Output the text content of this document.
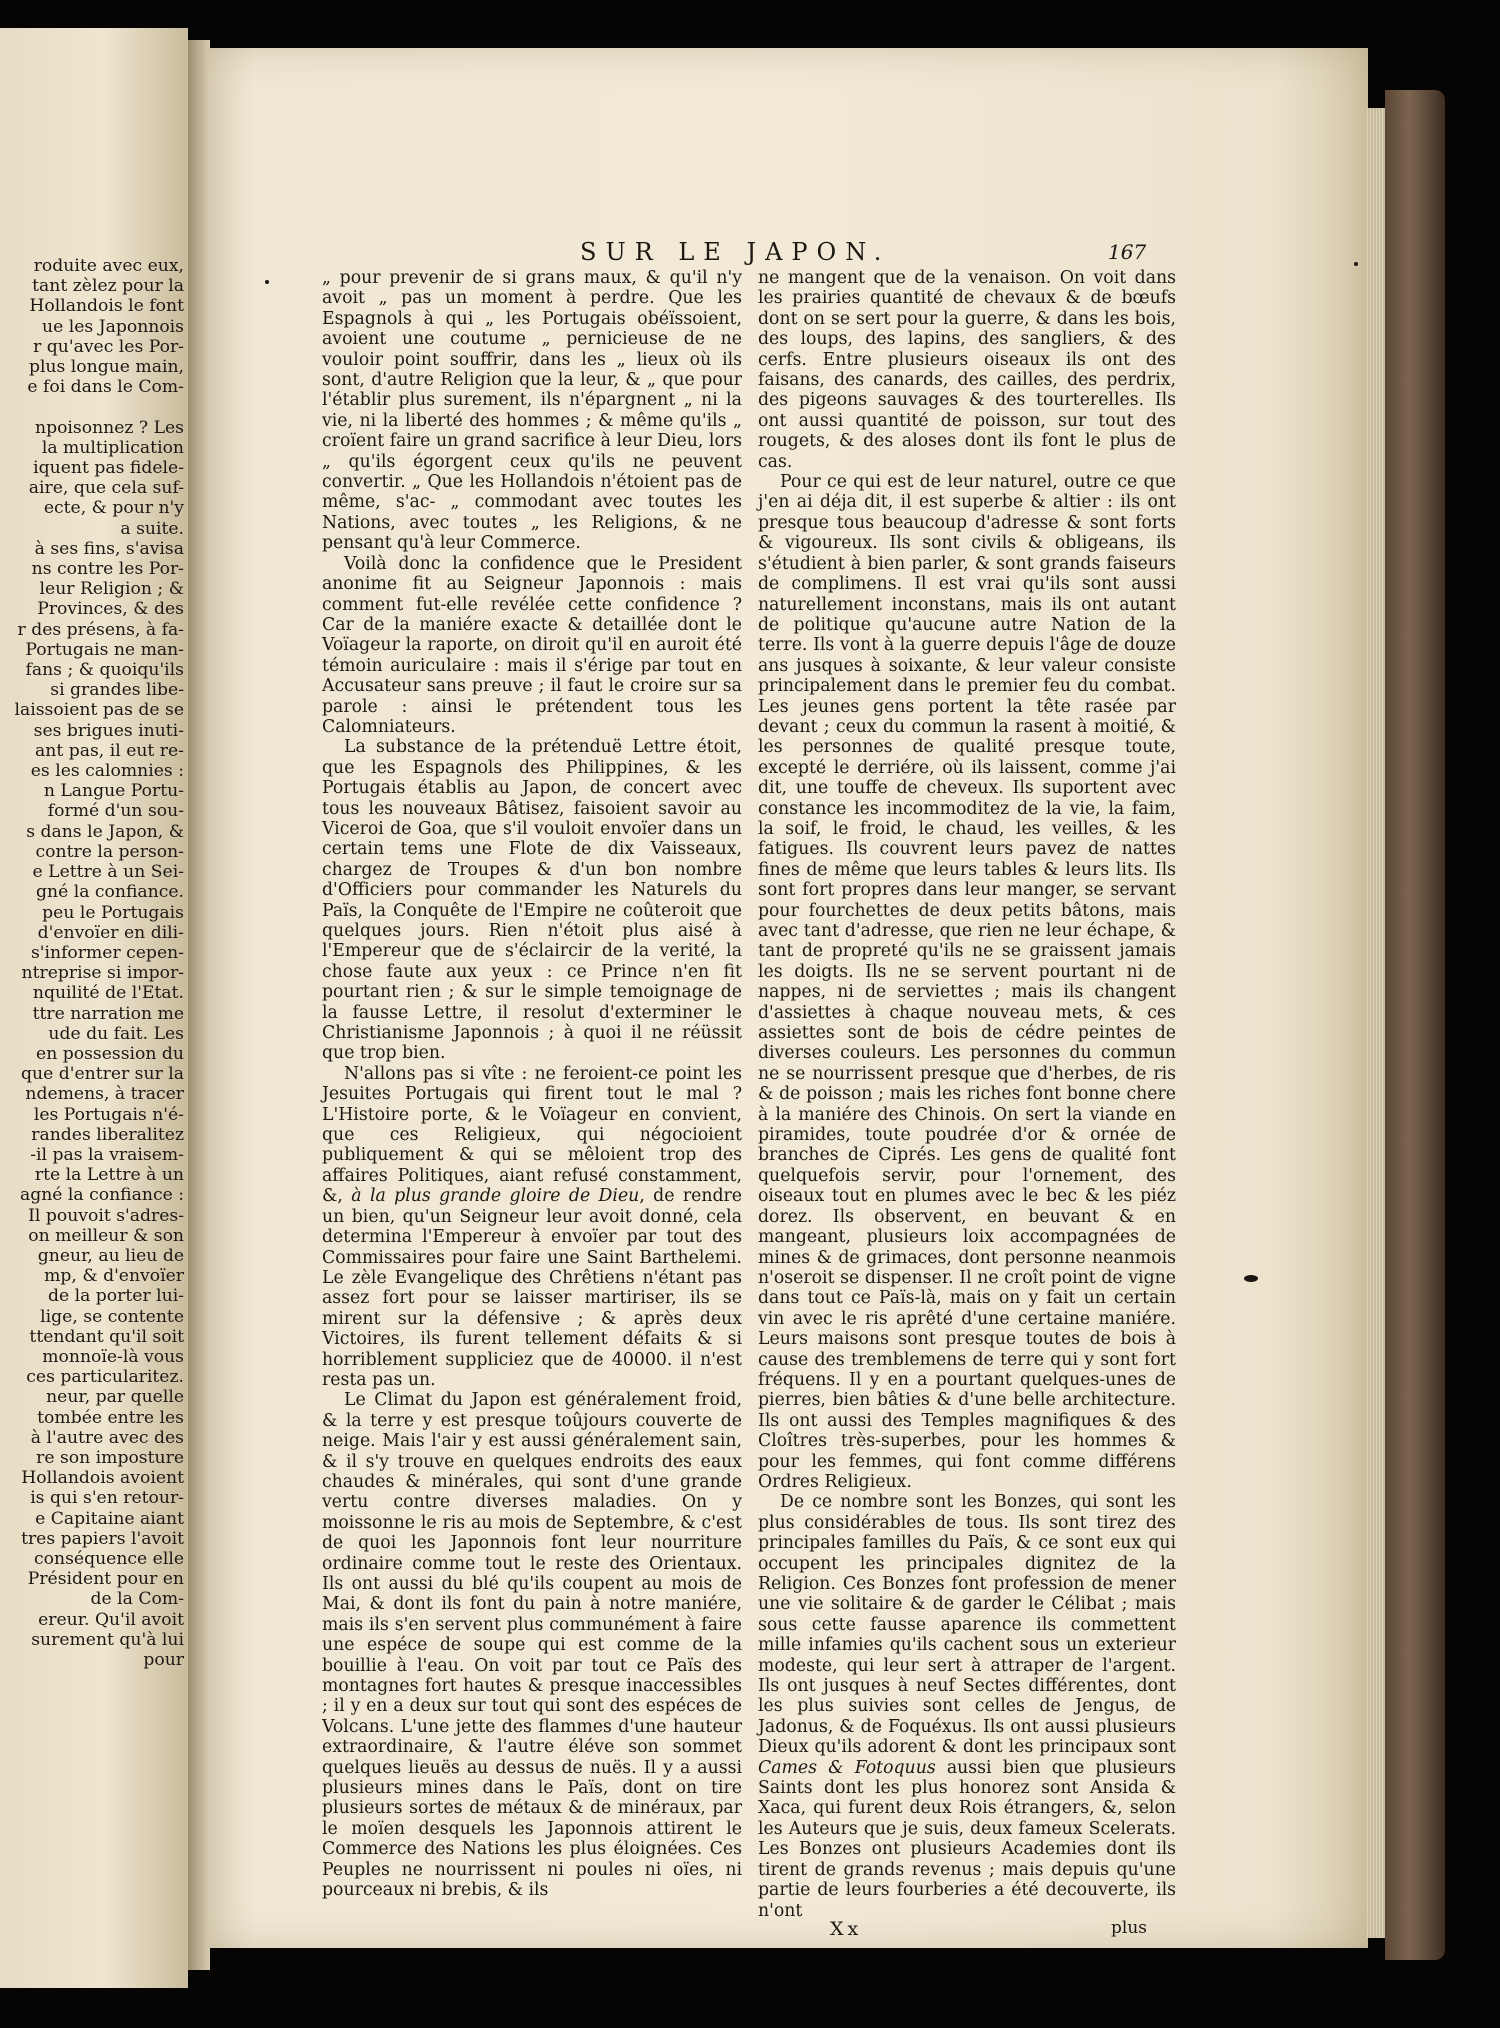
roduite avec eux,
tant zèlez pour la
Hollandois le font
ue les Japonnois
r qu'avec les Por-
plus longue main,
e foi dans le Com-

npoisonnez ? Les
la multiplication
iquent pas fidele-
aire, que cela suf-
ecte, & pour n'y
a suite.
à ses fins, s'avisa
ns contre les Por-
leur Religion ; &
Provinces, & des
r des présens, à fa-
Portugais ne man-
fans ; & quoiqu'ils
si grandes libe-
laissoient pas de se
ses brigues inuti-
ant pas, il eut re-
es les calomnies :
n Langue Portu-
formé d'un sou-
s dans le Japon, &
contre la person-
e Lettre à un Sei-
gné la confiance.
peu le Portugais
d'envoïer en dili-
s'informer cepen-
ntreprise si impor-
nquilité de l'Etat.
ttre narration me
ude du fait. Les
en possession du
que d'entrer sur la
ndemens, à tracer
les Portugais n'é-
randes liberalitez
-il pas la vraisem-
rte la Lettre à un
agné la confiance :
Il pouvoit s'adres-
on meilleur & son
gneur, au lieu de
mp, & d'envoïer
de la porter lui-
lige, se contente
ttendant qu'il soit
monnoïe-là vous
ces particularitez.
neur, par quelle
tombée entre les
à l'autre avec des
re son imposture
Hollandois avoient
is qui s'en retour-
e Capitaine aiant
tres papiers l'avoit
conséquence elle
Président pour en
de la Com-
ereur. Qu'il avoit
surement qu'à lui
pour
SUR LE JAPON.	167

„ pour prevenir de si grans maux, & qu'il n'y avoit „ pas un moment à perdre. Que les Espagnols à qui „ les Portugais obéïssoient, avoient une coutume „ pernicieuse de ne vouloir point souffrir, dans les „ lieux où ils sont, d'autre Religion que la leur, & „ que pour l'établir plus surement, ils n'épargnent „ ni la vie, ni la liberté des hommes ; & même qu'ils „ croïent faire un grand sacrifice à leur Dieu, lors „ qu'ils égorgent ceux qu'ils ne peuvent convertir. „ Que les Hollandois n'étoient pas de même, s'ac- „ commodant avec toutes les Nations, avec toutes „ les Religions, & ne pensant qu'à leur Commerce.

Voilà donc la confidence que le President anonime fit au Seigneur Japonnois : mais comment fut-elle revélée cette confidence ? Car de la maniére exacte & detaillée dont le Voïageur la raporte, on diroit qu'il en auroit été témoin auriculaire : mais il s'érige par tout en Accusateur sans preuve ; il faut le croire sur sa parole : ainsi le prétendent tous les Calomniateurs.

La substance de la prétenduë Lettre étoit, que les Espagnols des Philippines, & les Portugais établis au Japon, de concert avec tous les nouveaux Bâtisez, faisoient savoir au Viceroi de Goa, que s'il vouloit envoïer dans un certain tems une Flote de dix Vaisseaux, chargez de Troupes & d'un bon nombre d'Officiers pour commander les Naturels du Païs, la Conquête de l'Empire ne coûteroit que quelques jours. Rien n'étoit plus aisé à l'Empereur que de s'éclaircir de la verité, la chose faute aux yeux : ce Prince n'en fit pourtant rien ; & sur le simple temoignage de la fausse Lettre, il resolut d'exterminer le Christianisme Japonnois ; à quoi il ne réüssit que trop bien.

N'allons pas si vîte : ne feroient-ce point les Jesuites Portugais qui firent tout le mal ? L'Histoire porte, & le Voïageur en convient, que ces Religieux, qui négocioient publiquement & qui se mêloient trop des affaires Politiques, aiant refusé constamment, &, à la plus grande gloire de Dieu, de rendre un bien, qu'un Seigneur leur avoit donné, cela determina l'Empereur à envoïer par tout des Commissaires pour faire une Saint Barthelemi. Le zèle Evangelique des Chrêtiens n'étant pas assez fort pour se laisser martiriser, ils se mirent sur la défensive ; & après deux Victoires, ils furent tellement défaits & si horriblement suppliciez que de 40000. il n'est resta pas un.

Le Climat du Japon est généralement froid, & la terre y est presque toûjours couverte de neige. Mais l'air y est aussi généralement sain, & il s'y trouve en quelques endroits des eaux chaudes & minérales, qui sont d'une grande vertu contre diverses maladies. On y moissonne le ris au mois de Septembre, & c'est de quoi les Japonnois font leur nourriture ordinaire comme tout le reste des Orientaux. Ils ont aussi du blé qu'ils coupent au mois de Mai, & dont ils font du pain à notre maniére, mais ils s'en servent plus communément à faire une espéce de soupe qui est comme de la bouillie à l'eau. On voit par tout ce Païs des montagnes fort hautes & presque inaccessibles ; il y en a deux sur tout qui sont des espéces de Volcans. L'une jette des flammes d'une hauteur extraordinaire, & l'autre éléve son sommet quelques lieuës au dessus de nuës. Il y a aussi plusieurs mines dans le Païs, dont on tire plusieurs sortes de métaux & de minéraux, par le moïen desquels les Japonnois attirent le Commerce des Nations les plus éloignées. Ces Peuples ne nourrissent ni poules ni oïes, ni pourceaux ni brebis, & ils

ne mangent que de la venaison. On voit dans les prairies quantité de chevaux & de bœufs dont on se sert pour la guerre, & dans les bois, des loups, des lapins, des sangliers, & des cerfs. Entre plusieurs oiseaux ils ont des faisans, des canards, des cailles, des perdrix, des pigeons sauvages & des tourterelles. Ils ont aussi quantité de poisson, sur tout des rougets, & des aloses dont ils font le plus de cas.

Pour ce qui est de leur naturel, outre ce que j'en ai déja dit, il est superbe & altier : ils ont presque tous beaucoup d'adresse & sont forts & vigoureux. Ils sont civils & obligeans, ils s'étudient à bien parler, & sont grands faiseurs de complimens. Il est vrai qu'ils sont aussi naturellement inconstans, mais ils ont autant de politique qu'aucune autre Nation de la terre. Ils vont à la guerre depuis l'âge de douze ans jusques à soixante, & leur valeur consiste principalement dans le premier feu du combat. Les jeunes gens portent la tête rasée par devant ; ceux du commun la rasent à moitié, & les personnes de qualité presque toute, excepté le derriére, où ils laissent, comme j'ai dit, une touffe de cheveux. Ils suportent avec constance les incommoditez de la vie, la faim, la soif, le froid, le chaud, les veilles, & les fatigues. Ils couvrent leurs pavez de nattes fines de même que leurs tables & leurs lits. Ils sont fort propres dans leur manger, se servant pour fourchettes de deux petits bâtons, mais avec tant d'adresse, que rien ne leur échape, & tant de propreté qu'ils ne se graissent jamais les doigts. Ils ne se servent pourtant ni de nappes, ni de serviettes ; mais ils changent d'assiettes à chaque nouveau mets, & ces assiettes sont de bois de cédre peintes de diverses couleurs. Les personnes du commun ne se nourrissent presque que d'herbes, de ris & de poisson ; mais les riches font bonne chere à la maniére des Chinois. On sert la viande en piramides, toute poudrée d'or & ornée de branches de Ciprés. Les gens de qualité font quelquefois servir, pour l'ornement, des oiseaux tout en plumes avec le bec & les piéz dorez. Ils observent, en beuvant & en mangeant, plusieurs loix accompagnées de mines & de grimaces, dont personne neanmois n'oseroit se dispenser. Il ne croît point de vigne dans tout ce Païs-là, mais on y fait un certain vin avec le ris aprêté d'une certaine maniére. Leurs maisons sont presque toutes de bois à cause des tremblemens de terre qui y sont fort fréquens. Il y en a pourtant quelques-unes de pierres, bien bâties & d'une belle architecture. Ils ont aussi des Temples magnifiques & des Cloîtres très-superbes, pour les hommes & pour les femmes, qui font comme différens Ordres Religieux.

De ce nombre sont les Bonzes, qui sont les plus considérables de tous. Ils sont tirez des principales familles du Païs, & ce sont eux qui occupent les principales dignitez de la Religion. Ces Bonzes font profession de mener une vie solitaire & de garder le Célibat ; mais sous cette fausse aparence ils commettent mille infamies qu'ils cachent sous un exterieur modeste, qui leur sert à attraper de l'argent. Ils ont jusques à neuf Sectes différentes, dont les plus suivies sont celles de Jengus, de Jadonus, & de Foquéxus. Ils ont aussi plusieurs Dieux qu'ils adorent & dont les principaux sont Cames & Fotoquus aussi bien que plusieurs Saints dont les plus honorez sont Ansida & Xaca, qui furent deux Rois étrangers, &, selon les Auteurs que je suis, deux fameux Scelerats. Les Bonzes ont plusieurs Academies dont ils tirent de grands revenus ; mais depuis qu'une partie de leurs fourberies a été decouverte, ils n'ont

Xx	plus
